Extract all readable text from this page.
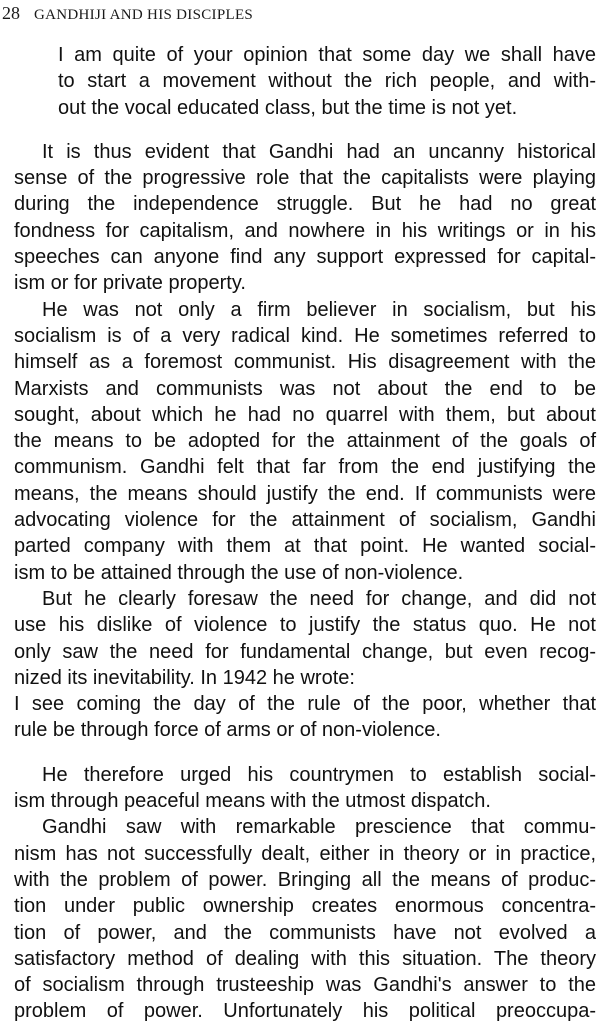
28 GANDHIJI AND HIS DISCIPLES

I am quite of your opinion that some day we shall have

to start a movement without the rich people, and with-

out the vocal educated class, but the time is not yet.

It is thus evident that Gandhi had an uncanny historical

sense of the progressive role that the capitalists were playing

during the independence struggle. But he had no great

fondness for capitalism, and nowhere in his writings or in his

speeches can anyone find any support expressed for capital-

ism or for private property.

He was not only a firm believer in socialism, but his

socialism is of a very radical kind. He sometimes referred to

himself as a foremost communist. His disagreement with the

Marxists and communists was not about the end to be

sought, about which he had no quarrel with them, but about

the means to be adopted for the attainment of the goals of

communism. Gandhi felt that far from the end justifying the

means, the means should justify the end. If communists were

advocating violence for the attainment of socialism, Gandhi

parted company with them at that point. He wanted social-

ism to be attained through the use of non-violence.

But he clearly foresaw the need for change, and did not

use his dislike of violence to justify the status quo. He not

only saw the need for fundamental change, but even recog-

nized its inevitability. In 1942 he wrote:

I see coming the day of the rule of the poor, whether that

rule be through force of arms or of non-violence.

He therefore urged his countrymen to establish social-

ism through peaceful means with the utmost dispatch.

Gandhi saw with remarkable prescience that commu-

nism has not successfully dealt, either in theory or in practice,

with the problem of power. Bringing all the means of produc-

tion under public ownership creates enormous concentra-

tion of power, and the communists have not evolved a

satisfactory method of dealing with this situation. The theory

of socialism through trusteeship was Gandhi's answer to the

problem of power. Unfortunately his political preoccupa-
